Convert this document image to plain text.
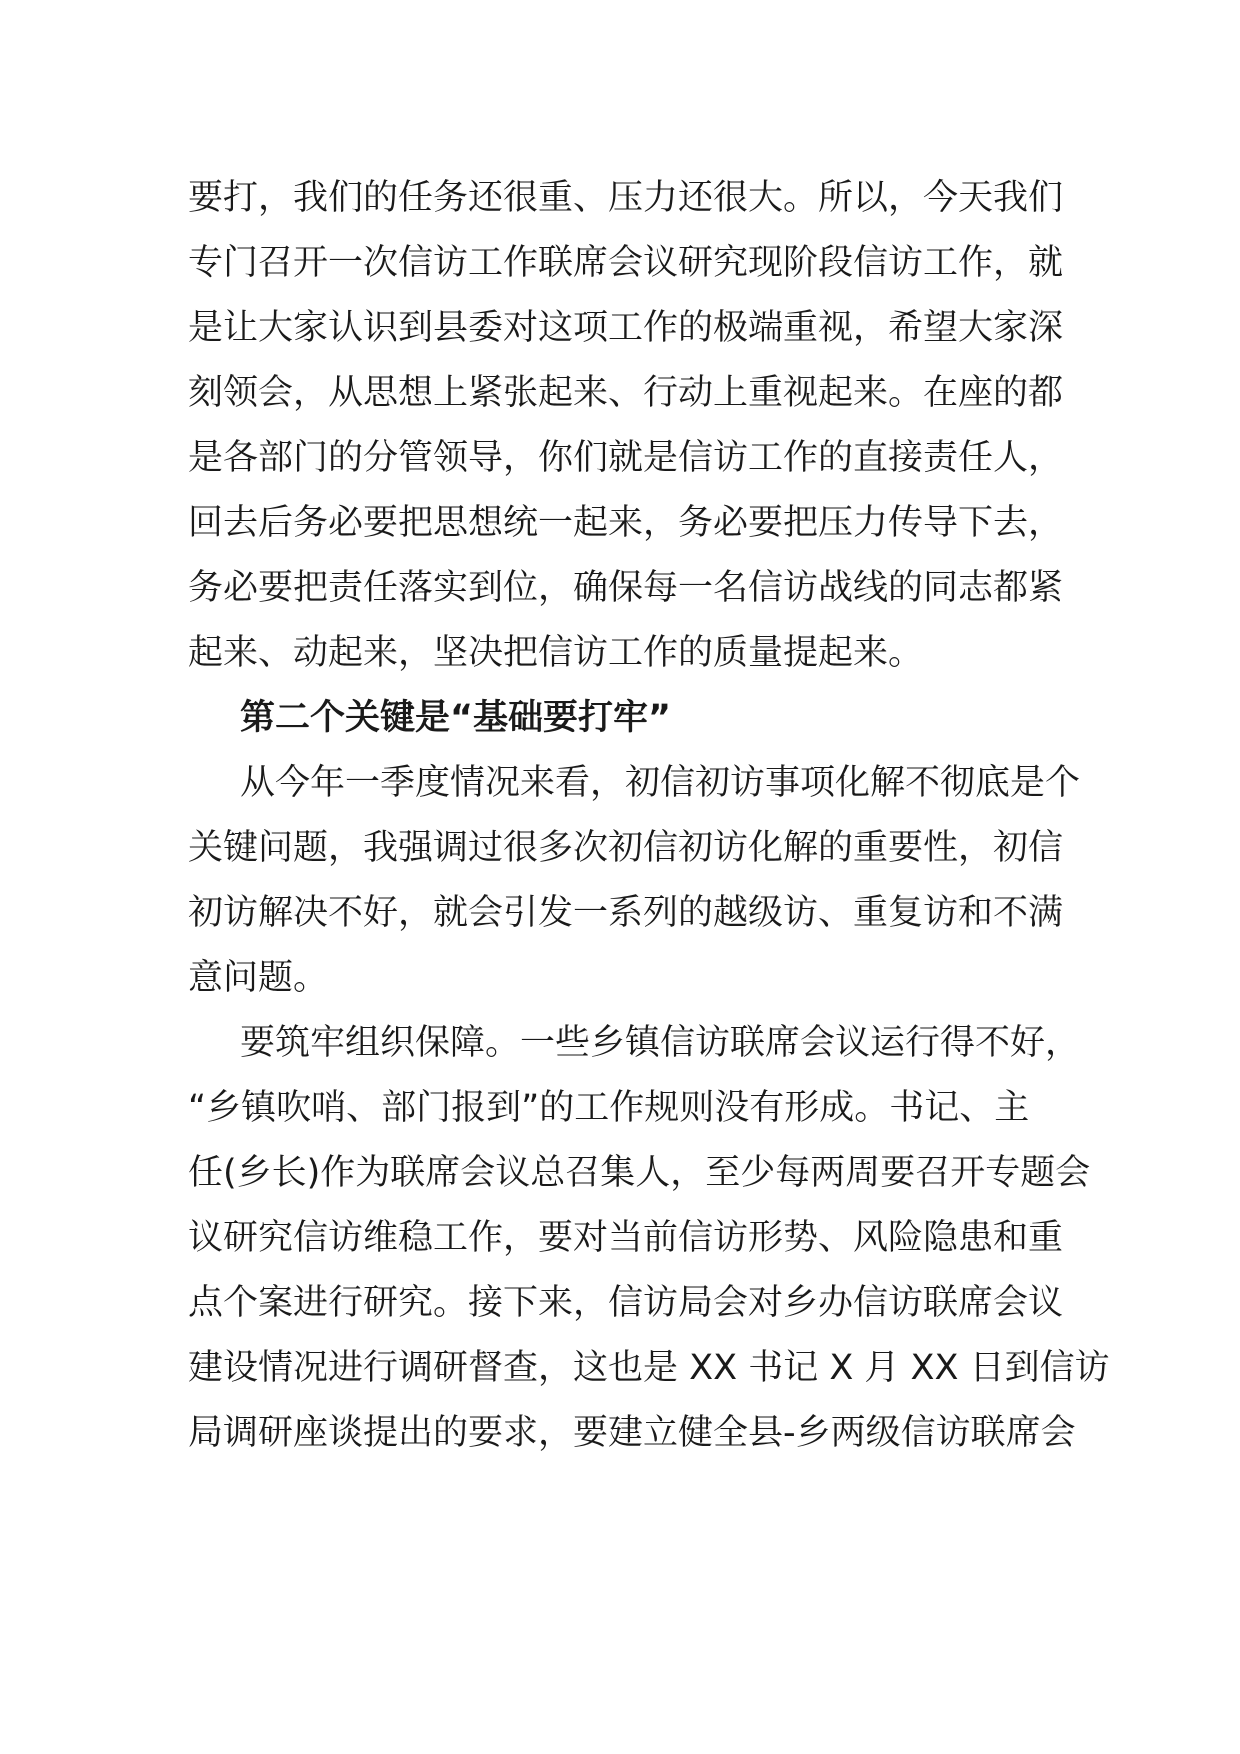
要打，我们的任务还很重、压力还很大。所以，今天我们
专门召开一次信访工作联席会议研究现阶段信访工作，就
是让大家认识到县委对这项工作的极端重视，希望大家深
刻领会，从思想上紧张起来、行动上重视起来。在座的都
是各部门的分管领导，你们就是信访工作的直接责任人，
回去后务必要把思想统一起来，务必要把压力传导下去，
务必要把责任落实到位，确保每一名信访战线的同志都紧
起来、动起来，坚决把信访工作的质量提起来。
第二个关键是“基础要打牢”
从今年一季度情况来看，初信初访事项化解不彻底是个
关键问题，我强调过很多次初信初访化解的重要性，初信
初访解决不好，就会引发一系列的越级访、重复访和不满
意问题。
要筑牢组织保障。一些乡镇信访联席会议运行得不好，
“乡镇吹哨、部门报到”的工作规则没有形成。书记、主
任(乡长)作为联席会议总召集人，至少每两周要召开专题会
议研究信访维稳工作，要对当前信访形势、风险隐患和重
点个案进行研究。接下来，信访局会对乡办信访联席会议
建设情况进行调研督查，这也是 XX 书记 X 月 XX 日到信访
局调研座谈提出的要求，要建立健全县-乡两级信访联席会
